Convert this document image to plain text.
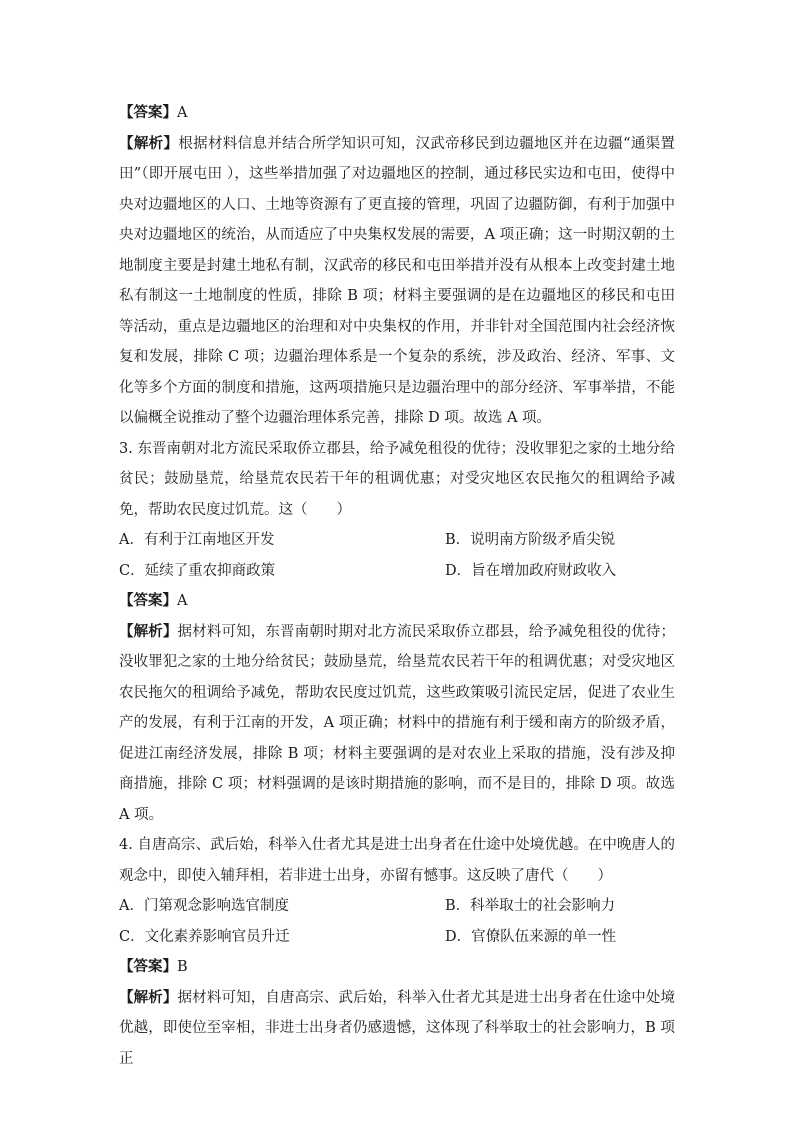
【答案】A

【解析】根据材料信息并结合所学知识可知，汉武帝移民到边疆地区并在边疆“通渠置田”（即开展屯田 ），这些举措加强了对边疆地区的控制，通过移民实边和屯田，使得中央对边疆地区的人口、土地等资源有了更直接的管理，巩固了边疆防御，有利于加强中央对边疆地区的统治，从而适应了中央集权发展的需要，A 项正确；这一时期汉朝的土地制度主要是封建土地私有制，汉武帝的移民和屯田举措并没有从根本上改变封建土地私有制这一土地制度的性质，排除 B 项；材料主要强调的是在边疆地区的移民和屯田等活动，重点是边疆地区的治理和对中央集权的作用，并非针对全国范围内社会经济恢复和发展，排除 C 项；边疆治理体系是一个复杂的系统，涉及政治、经济、军事、文化等多个方面的制度和措施，这两项措施只是边疆治理中的部分经济、军事举措，不能以偏概全说推动了整个边疆治理体系完善，排除 D 项。故选 A 项。

3. 东晋南朝对北方流民采取侨立郡县，给予减免租役的优待；没收罪犯之家的土地分给贫民；鼓励垦荒，给垦荒农民若干年的租调优惠；对受灾地区农民拖欠的租调给予减免，帮助农民度过饥荒。这（　　）

A．有利于江南地区开发	B．说明南方阶级矛盾尖锐
C．延续了重农抑商政策	D．旨在增加政府财政收入

【答案】A

【解析】据材料可知，东晋南朝时期对北方流民采取侨立郡县，给予减免租役的优待；没收罪犯之家的土地分给贫民；鼓励垦荒，给垦荒农民若干年的租调优惠；对受灾地区农民拖欠的租调给予减免，帮助农民度过饥荒，这些政策吸引流民定居，促进了农业生产的发展，有利于江南的开发，A 项正确；材料中的措施有利于缓和南方的阶级矛盾，促进江南经济发展，排除 B 项；材料主要强调的是对农业上采取的措施，没有涉及抑商措施，排除 C 项；材料强调的是该时期措施的影响，而不是目的，排除 D 项。故选 A 项。

4. 自唐高宗、武后始，科举入仕者尤其是进士出身者在仕途中处境优越。在中晚唐人的观念中，即使入辅拜相，若非进士出身，亦留有憾事。这反映了唐代（　　）

A．门第观念影响选官制度	B．科举取士的社会影响力
C．文化素养影响官员升迁	D．官僚队伍来源的单一性

【答案】B

【解析】据材料可知，自唐高宗、武后始，科举入仕者尤其是进士出身者在仕途中处境优越，即使位至宰相，非进士出身者仍感遗憾，这体现了科举取士的社会影响力，B 项正
